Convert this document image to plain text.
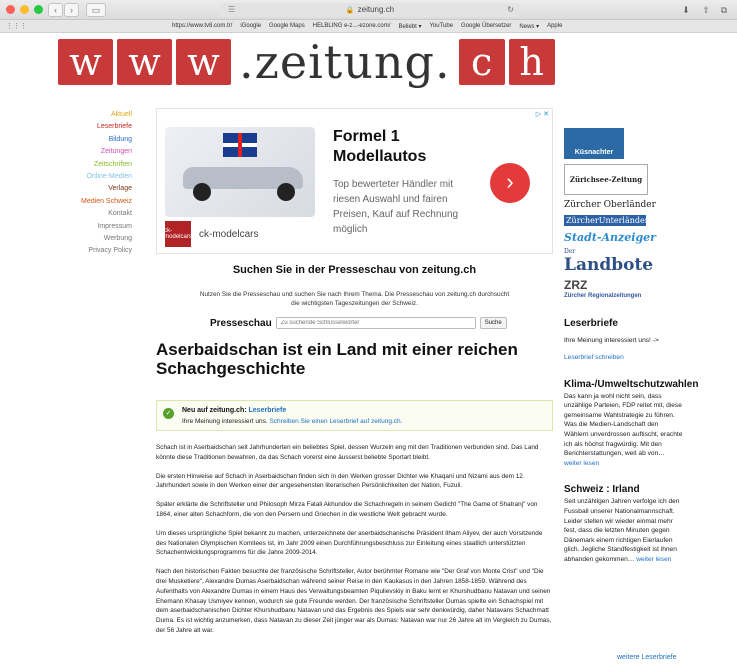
‹	›	▭	☰	🔒 zeitung.ch	↻	⬇	⇧	⧉
⋮⋮⋮	https://www.tv8.com.tr/ iGoogle Google Maps HELBLING e-z...-ezone.com/ Beliebt ▾ YouTube Google Übersetzer News ▾ Apple
w w w .zeitung. c h
Aktuell
Leserbriefe
Bildung
Zeitungen
Zeitschriften
Online-Medien
Verlage
Medien Schweiz
Kontakt
Impressum
Werbung
Privacy Policy
▷ ✕
Formel 1 Modellautos
Top bewerteter Händler mit riesen Auswahl und fairen Preisen, Kauf auf Rechnung möglich
›
ck-modelcars ck-modelcars
Suchen Sie in der Presseschau von zeitung.ch
Nutzen Sie die Presseschau und suchen Sie nach Ihrem Thema. Die Presseschau von zeitung.ch durchsucht die wichtigsten Tageszeitungen der Schweiz.
Presseschau
Zu suchende Schlüsselwörter	Suche
Aserbaidschan ist ein Land mit einer reichen Schachgeschichte
✓	Neu auf zeitung.ch: Leserbriefe
Ihre Meinung interessiert uns. Schreiben Sie einen Leserbrief auf zeitung.ch.

Schach ist in Aserbaidschan seit Jahrhunderten ein beliebtes Spiel, dessen Wurzeln eng mit den Traditionen verbunden sind. Das Land könnte diese Traditionen bewahren, da das Schach vorerst eine äusserst beliebte Sportart bleibt.

Die ersten Hinweise auf Schach in Aserbaidschan finden sich in den Werken grosser Dichter wie Khaqani und Nizami aus dem 12. Jahrhundert sowie in den Werken einer der angesehensten literarischen Persönlichkeiten der Nation, Fuzuli.

Später erklärte die Schriftsteller und Philosoph Mirza Fatali Akhundov die Schachregeln in seinem Gedicht "The Game of Shatranj" von 1864, einer alten Schachform, die von den Persern und Griechen in die westliche Welt gebracht wurde.

Um dieses ursprüngliche Spiel bekannt zu machen, unterzeichnete der aserbaidschanische Präsident Ilham Aliyev, der auch Vorsitzende des Nationalen Olympischen Komitees ist, im Jahr 2009 einen Durchführungsbeschluss zur Einleitung eines staatlich unterstützten Schachentwicklungsprogramms für die Jahre 2009-2014.

Nach den historischen Fakten besuchte der französische Schriftsteller, Autor berühmter Romane wie "Der Graf von Monte Crist" und "Die drei Musketiere", Alexandre Dumas Aserbaidschan während seiner Reise in den Kaukasus in den Jahren 1858-1859. Während des Aufenthalts von Alexandre Dumas in einem Haus des Verwaltungsbeamten Piqulievskiy in Baku lernt er Khurshudbanu Natavan und seinen Ehemann Khasay Usmiyev kennen, wodurch sie gute Freunde werden. Der französische Schriftsteller Dumas spielte ein Schachspiel mit dem aserbaidschanischen Dichter Khurshudbanu Natavan und das Ergebnis des Spiels war sehr denkwürdig, daher Natavans Schachmatt Duma. Es ist wichtig anzumerken, dass Natavan zu dieser Zeit jünger war als Dumas: Natavan war nur 26 Jahre alt im Vergleich zu Dumas, der 56 Jahre alt war.

Küsnachter
Zürichsee-Zeitung
Zürcher Oberländer
ZürcherUnterländer
Stadt-Anzeiger
Der
Landbote
ZRZ
Zürcher Regionalzeitungen
Leserbriefe
Ihre Meinung interessiert uns! ->
Leserbrief schreiben
Klima-/Umweltschutzwahlen
Das kann ja wohl nicht sein, dass unzählige Parteien, FDP reitet mit, diese gemeinsame Wahlstrategie zu führen. Was die Medien-Landschaft den Wählern unverdrossen auftischt, erachte ich als höchst fragwürdig. Mit den Berichterstattungen, weit ab von…
weiter lesen
Schweiz : Irland
Seit unzähligen Jahren verfolge ich den Fussball unserer Nationalmannschaft. Leider stellen wir wieder einmal mehr fest, dass die letzten Minuten gegen Dänemark einem richtigen Eierlaufen glich. Jegliche Standfestigkeit ist ihnen abhanden gekommen… weiter lesen
weitere Leserbriefe
